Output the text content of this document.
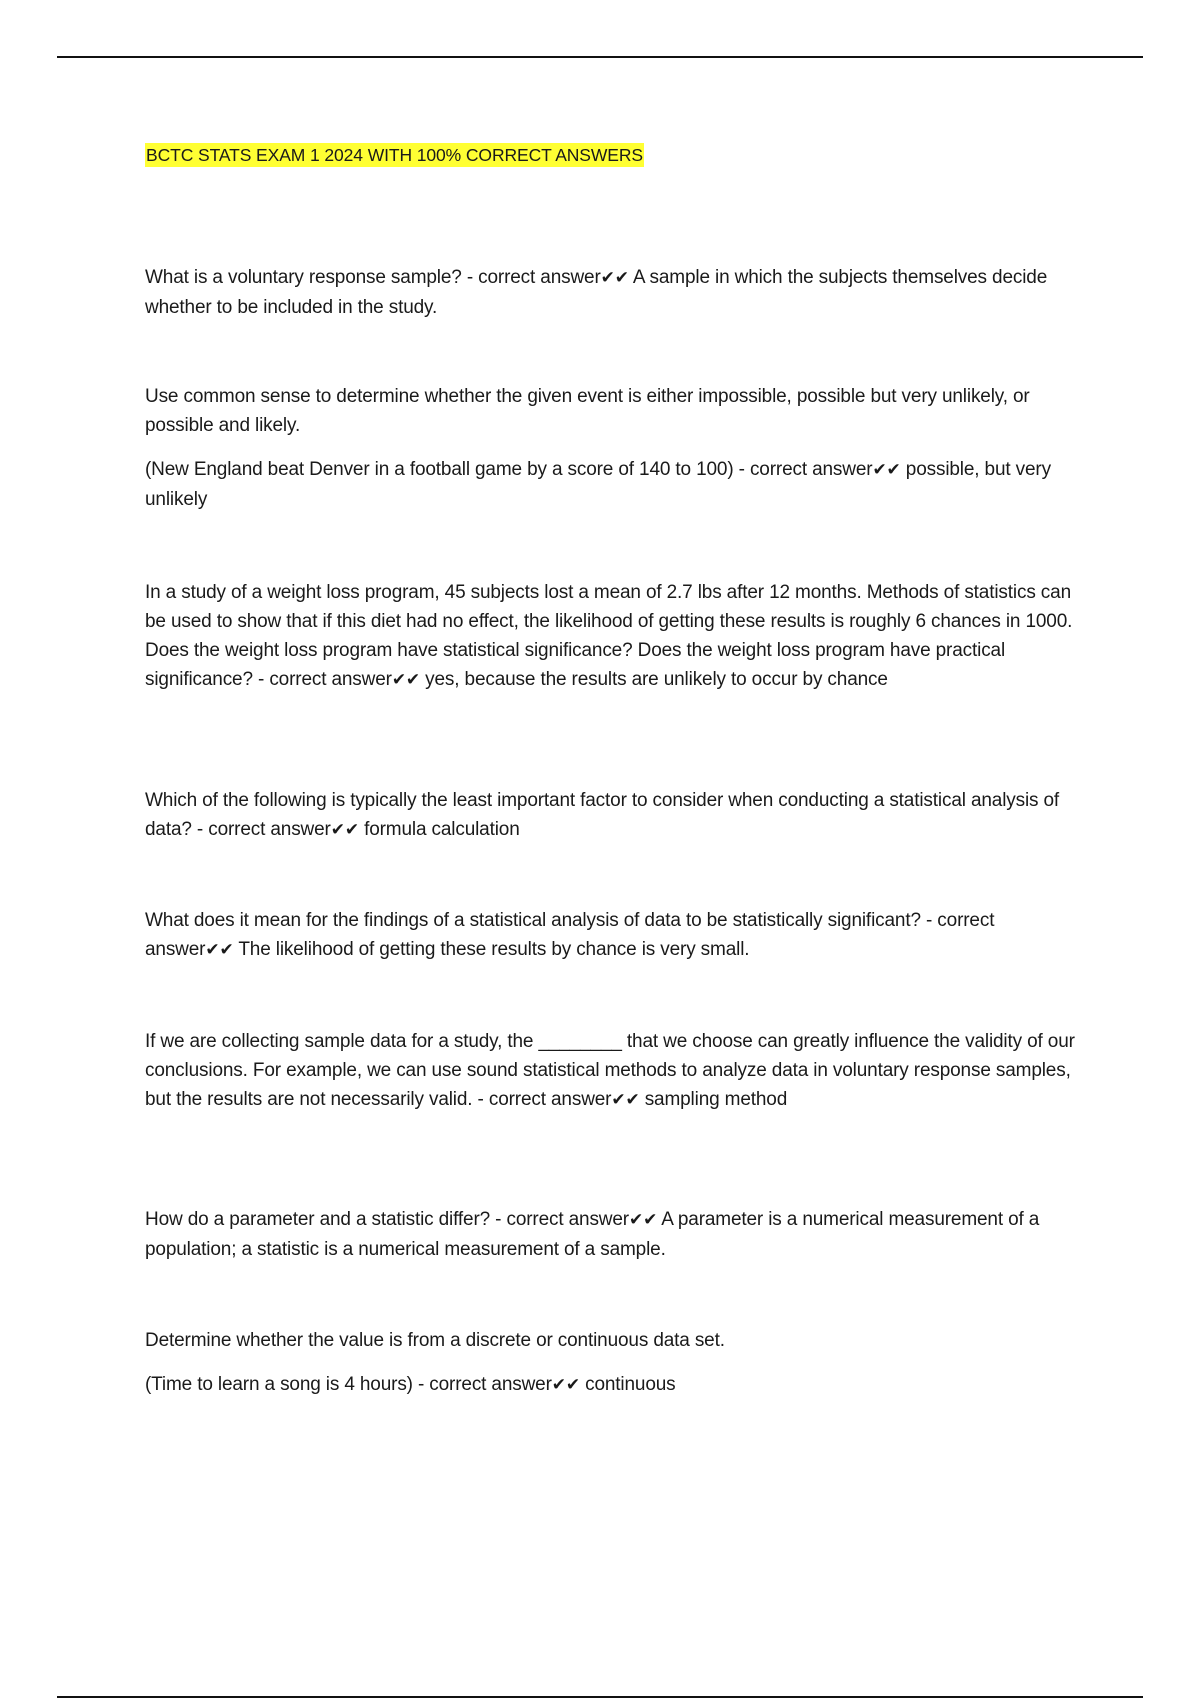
BCTC STATS EXAM 1 2024 WITH 100% CORRECT ANSWERS

What is a voluntary response sample? - correct answer✔✔ A sample in which the subjects themselves decide whether to be included in the study.

Use common sense to determine whether the given event is either impossible, possible but very unlikely, or possible and likely.

(New England beat Denver in a football game by a score of 140 to 100) - correct answer✔✔ possible, but very unlikely

In a study of a weight loss program, 45 subjects lost a mean of 2.7 lbs after 12 months. Methods of statistics can be used to show that if this diet had no effect, the likelihood of getting these results is roughly 6 chances in 1000. Does the weight loss program have statistical significance? Does the weight loss program have practical significance? - correct answer✔✔ yes, because the results are unlikely to occur by chance

Which of the following is typically the least important factor to consider when conducting a statistical analysis of data? - correct answer✔✔ formula calculation

What does it mean for the findings of a statistical analysis of data to be statistically significant? - correct answer✔✔ The likelihood of getting these results by chance is very small.

If we are collecting sample data for a study, the ________ that we choose can greatly influence the validity of our conclusions. For example, we can use sound statistical methods to analyze data in voluntary response samples, but the results are not necessarily valid. - correct answer✔✔ sampling method

How do a parameter and a statistic differ? - correct answer✔✔ A parameter is a numerical measurement of a population; a statistic is a numerical measurement of a sample.

Determine whether the value is from a discrete or continuous data set.

(Time to learn a song is 4 hours) - correct answer✔✔ continuous
